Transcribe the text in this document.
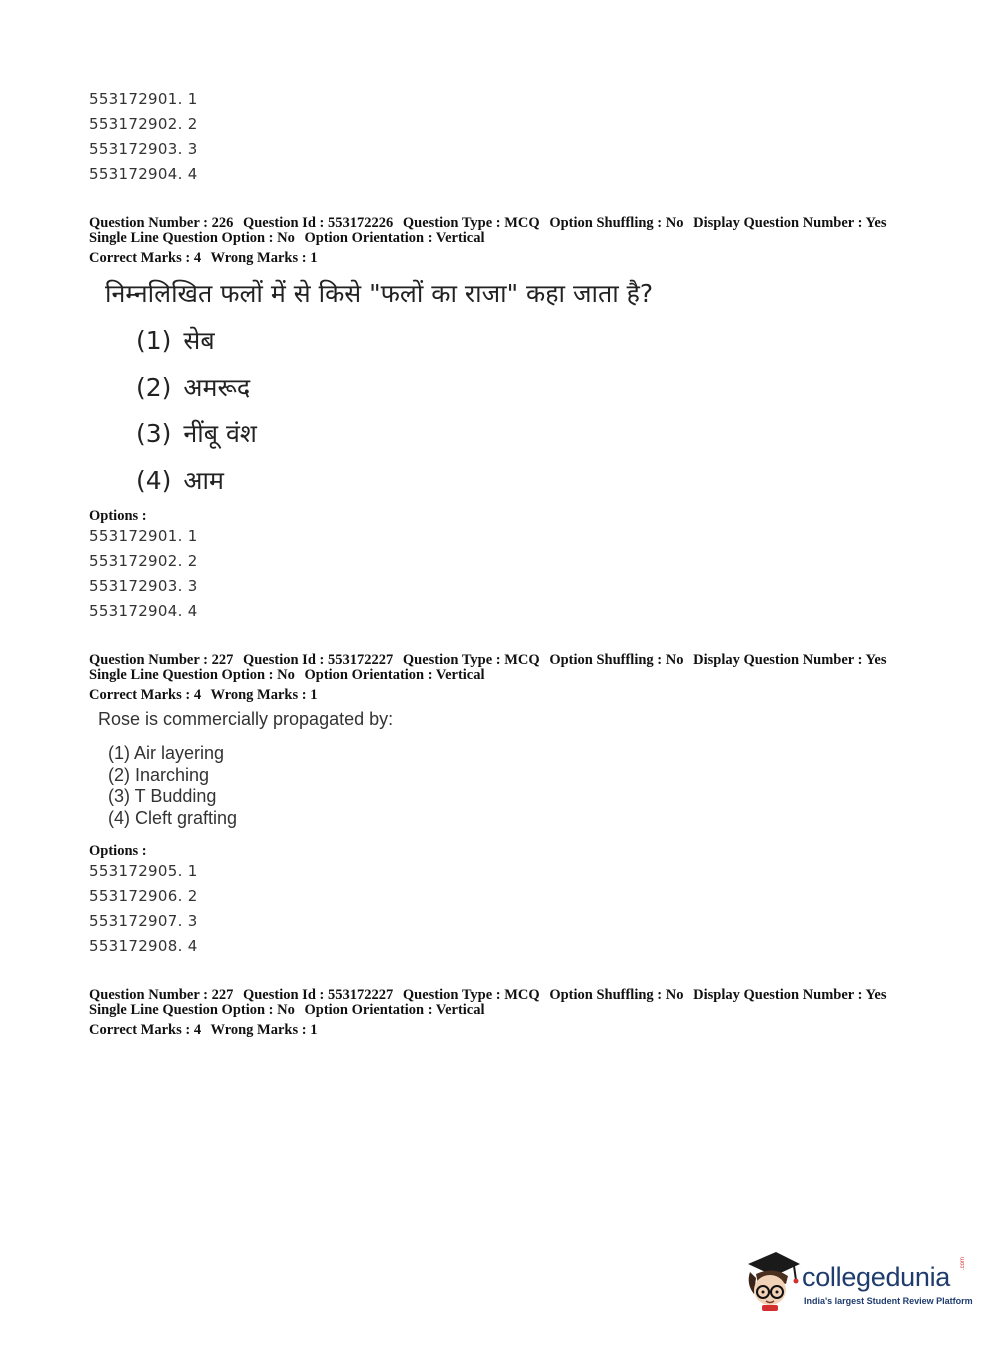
553172901. 1
553172902. 2
553172903. 3
553172904. 4
Question Number : 226 Question Id : 553172226 Question Type : MCQ Option Shuffling : No Display Question Number : Yes
Single Line Question Option : No Option Orientation : Vertical
Correct Marks : 4 Wrong Marks : 1
निम्नलिखित फलों में से किसे "फलों का राजा" कहा जाता है?
(1) सेब
(2) अमरूद
(3) नींबू वंश
(4) आम
Options :
553172901. 1
553172902. 2
553172903. 3
553172904. 4
Question Number : 227 Question Id : 553172227 Question Type : MCQ Option Shuffling : No Display Question Number : Yes
Single Line Question Option : No Option Orientation : Vertical
Correct Marks : 4 Wrong Marks : 1
Rose is commercially propagated by:
(1) Air layering
(2) Inarching
(3) T Budding
(4) Cleft grafting
Options :
553172905. 1
553172906. 2
553172907. 3
553172908. 4
Question Number : 227 Question Id : 553172227 Question Type : MCQ Option Shuffling : No Display Question Number : Yes
Single Line Question Option : No Option Orientation : Vertical
Correct Marks : 4 Wrong Marks : 1
collegedunia .com
India's largest Student Review Platform
